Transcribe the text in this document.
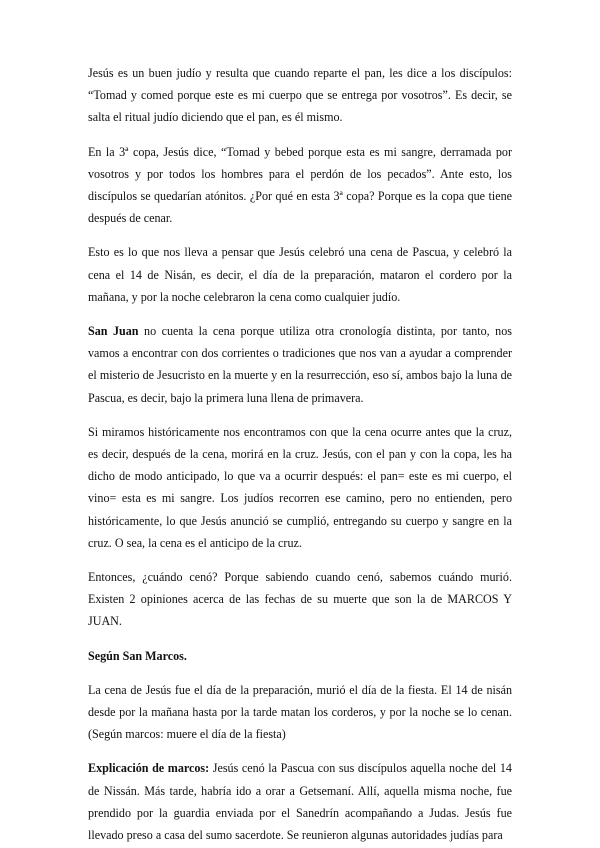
Jesús es un buen judío y resulta que cuando reparte el pan, les dice a los discípulos: “Tomad y comed porque este es mi cuerpo que se entrega por vosotros”. Es decir, se salta el ritual judío diciendo que el pan, es él mismo.

En la 3ª copa, Jesús dice, “Tomad y bebed porque esta es mi sangre, derramada por vosotros y por todos los hombres para el perdón de los pecados”. Ante esto, los discípulos se quedarían atónitos. ¿Por qué en esta 3ª copa? Porque es la copa que tiene después de cenar.

Esto es lo que nos lleva a pensar que Jesús celebró una cena de Pascua, y celebró la cena el 14 de Nisán, es decir, el día de la preparación, mataron el cordero por la mañana, y por la noche celebraron la cena como cualquier judío.

San Juan no cuenta la cena porque utiliza otra cronología distinta, por tanto, nos vamos a encontrar con dos corrientes o tradiciones que nos van a ayudar a comprender el misterio de Jesucristo en la muerte y en la resurrección, eso sí, ambos bajo la luna de Pascua, es decir, bajo la primera luna llena de primavera.

Si miramos históricamente nos encontramos con que la cena ocurre antes que la cruz, es decir, después de la cena, morirá en la cruz. Jesús, con el pan y con la copa, les ha dicho de modo anticipado, lo que va a ocurrir después: el pan= este es mi cuerpo, el vino= esta es mi sangre. Los judíos recorren ese camino, pero no entienden, pero históricamente, lo que Jesús anunció se cumplió, entregando su cuerpo y sangre en la cruz. O sea, la cena es el anticipo de la cruz.

Entonces, ¿cuándo cenó? Porque sabiendo cuando cenó, sabemos cuándo murió. Existen 2 opiniones acerca de las fechas de su muerte que son la de MARCOS Y JUAN.

Según San Marcos.

La cena de Jesús fue el día de la preparación, murió el día de la fiesta. El 14 de nisán desde por la mañana hasta por la tarde matan los corderos, y por la noche se lo cenan. (Según marcos: muere el día de la fiesta)

Explicación de marcos: Jesús cenó la Pascua con sus discípulos aquella noche del 14 de Nissán. Más tarde, habría ido a orar a Getsemaní. Allí, aquella misma noche, fue prendido por la guardia enviada por el Sanedrín acompañando a Judas. Jesús fue llevado preso a casa del sumo sacerdote. Se reunieron algunas autoridades judías para
